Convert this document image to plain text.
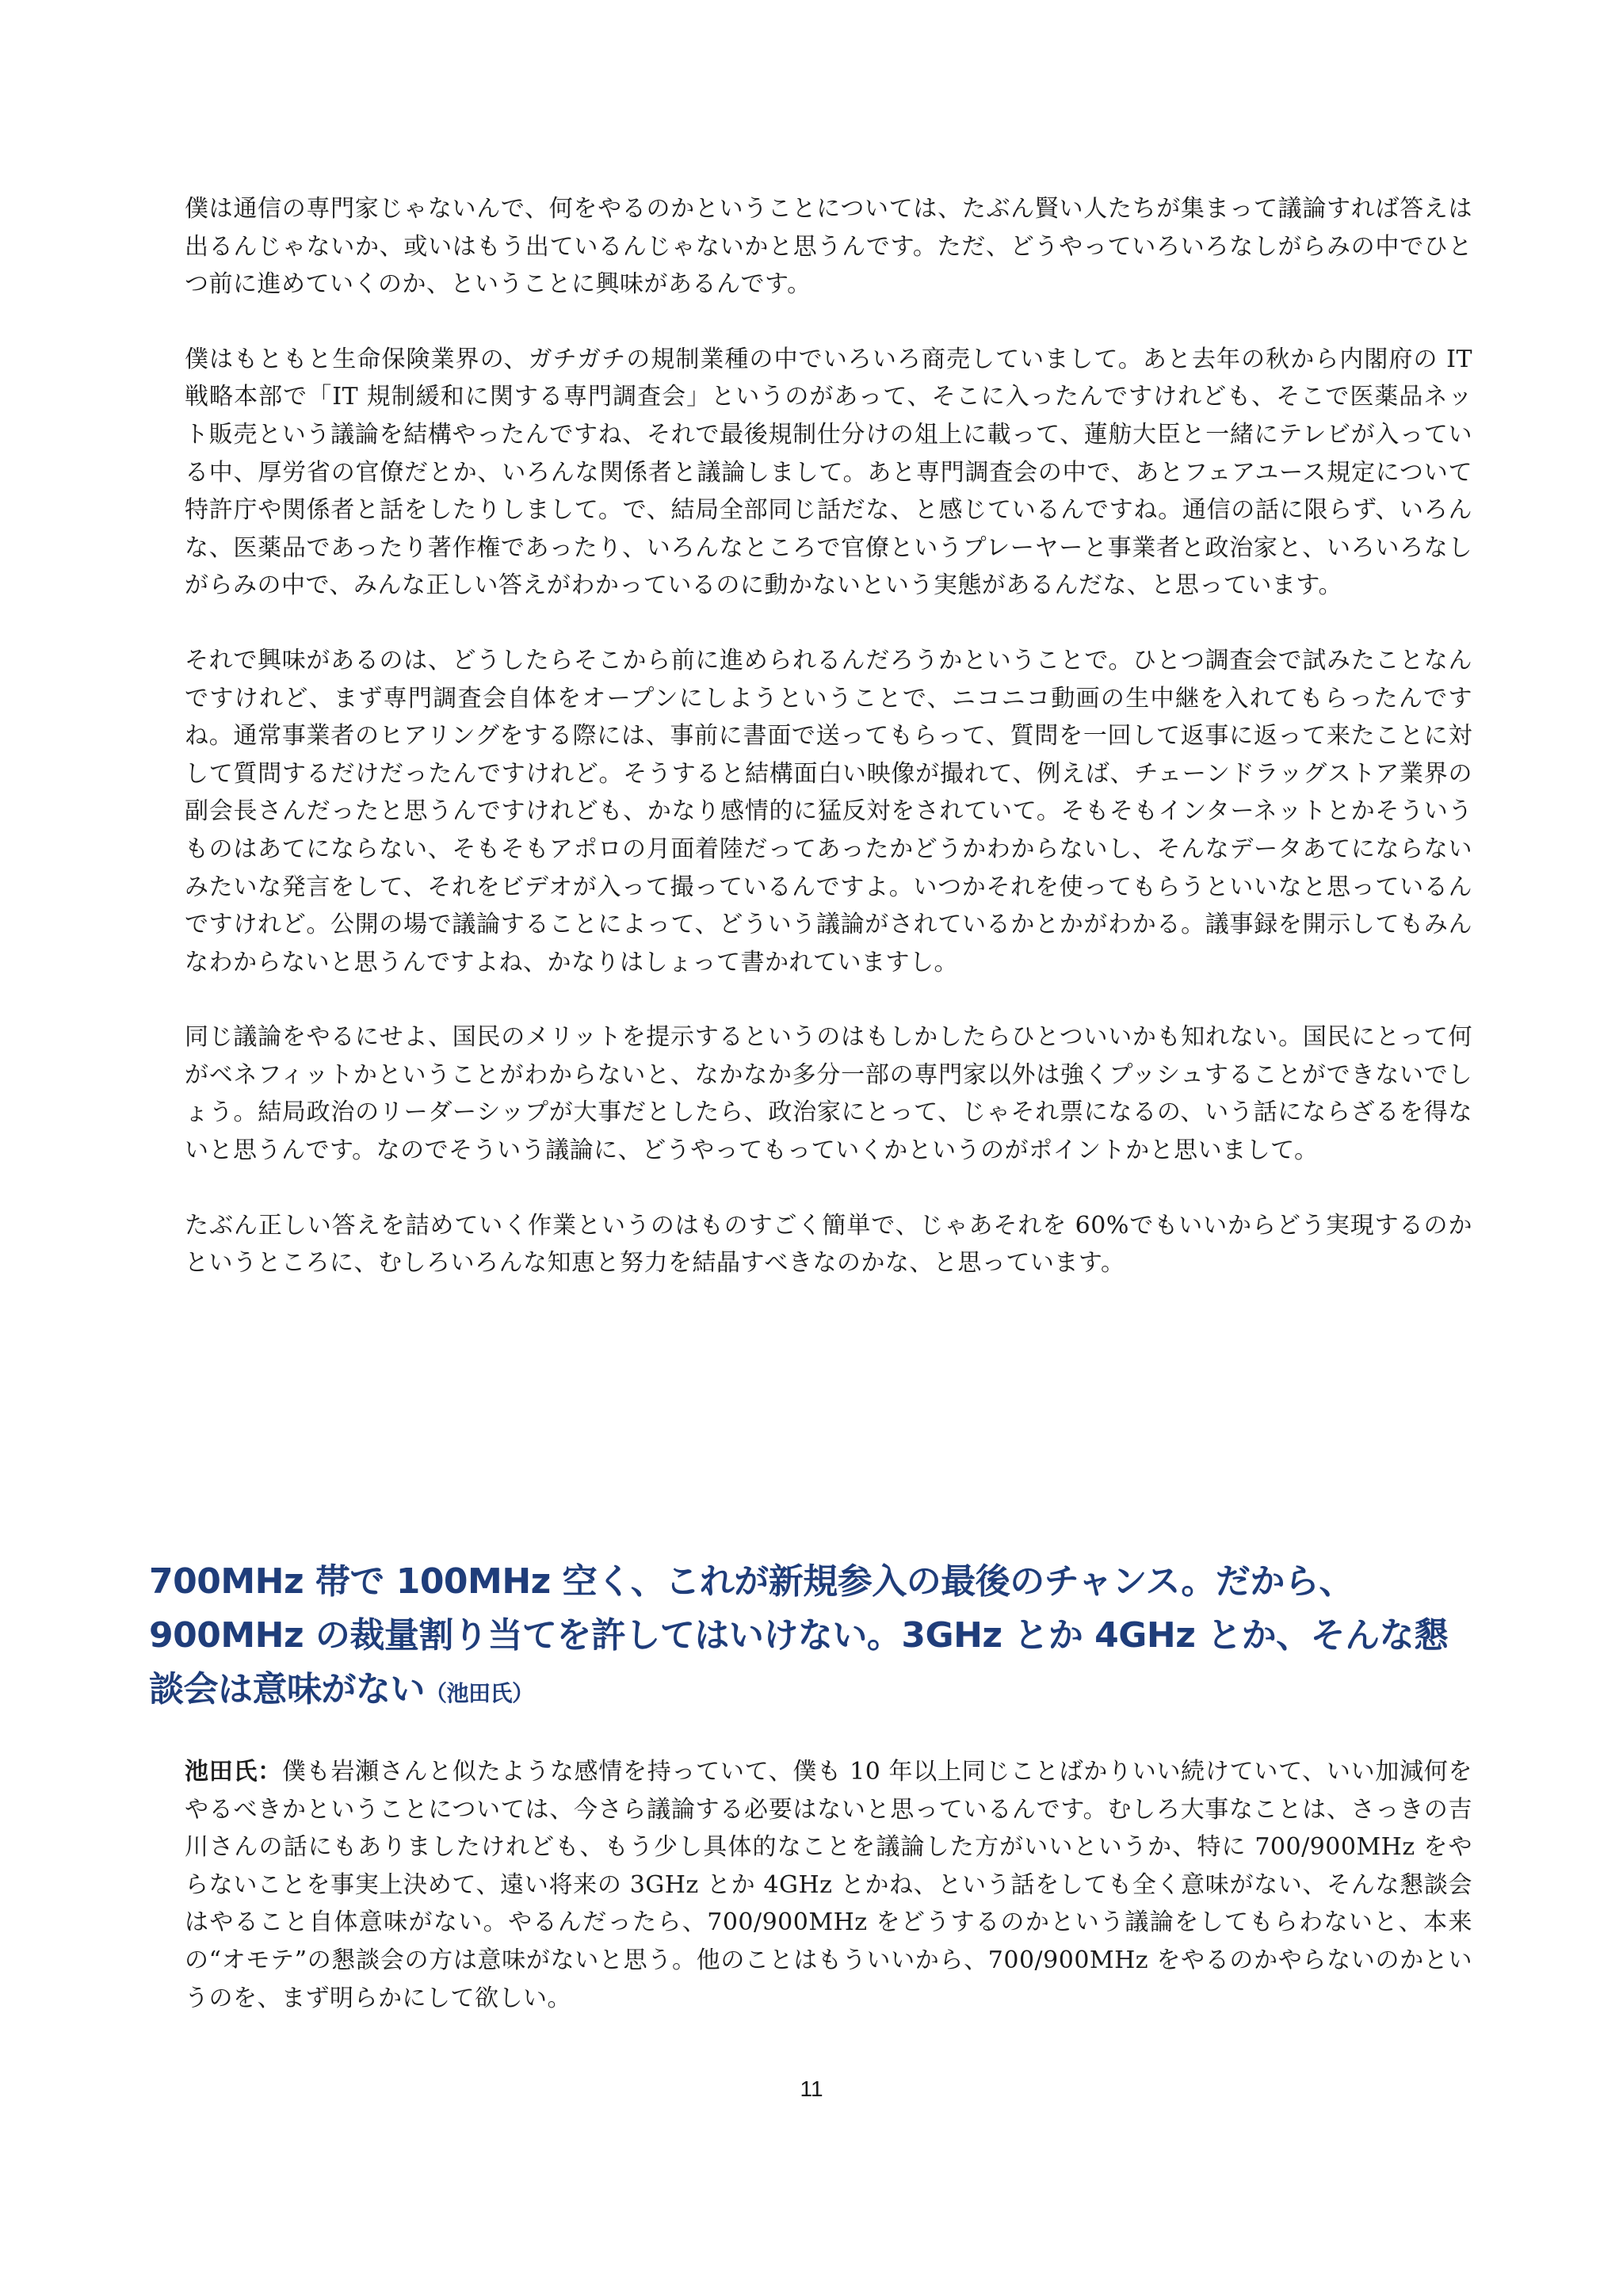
僕は通信の専門家じゃないんで、何をやるのかということについては、たぶん賢い人たちが集まって議論すれば答えは出るんじゃないか、或いはもう出ているんじゃないかと思うんです。ただ、どうやっていろいろなしがらみの中でひとつ前に進めていくのか、ということに興味があるんです。

僕はもともと生命保険業界の、ガチガチの規制業種の中でいろいろ商売していまして。あと去年の秋から内閣府の IT 戦略本部で「IT 規制緩和に関する専門調査会」というのがあって、そこに入ったんですけれども、そこで医薬品ネット販売という議論を結構やったんですね、それで最後規制仕分けの俎上に載って、蓮舫大臣と一緒にテレビが入っている中、厚労省の官僚だとか、いろんな関係者と議論しまして。あと専門調査会の中で、あとフェアユース規定について特許庁や関係者と話をしたりしまして。で、結局全部同じ話だな、と感じているんですね。通信の話に限らず、いろんな、医薬品であったり著作権であったり、いろんなところで官僚というプレーヤーと事業者と政治家と、いろいろなしがらみの中で、みんな正しい答えがわかっているのに動かないという実態があるんだな、と思っています。

それで興味があるのは、どうしたらそこから前に進められるんだろうかということで。ひとつ調査会で試みたことなんですけれど、まず専門調査会自体をオープンにしようということで、ニコニコ動画の生中継を入れてもらったんですね。通常事業者のヒアリングをする際には、事前に書面で送ってもらって、質問を一回して返事に返って来たことに対して質問するだけだったんですけれど。そうすると結構面白い映像が撮れて、例えば、チェーンドラッグストア業界の副会長さんだったと思うんですけれども、かなり感情的に猛反対をされていて。そもそもインターネットとかそういうものはあてにならない、そもそもアポロの月面着陸だってあったかどうかわからないし、そんなデータあてにならないみたいな発言をして、それをビデオが入って撮っているんですよ。いつかそれを使ってもらうといいなと思っているんですけれど。公開の場で議論することによって、どういう議論がされているかとかがわかる。議事録を開示してもみんなわからないと思うんですよね、かなりはしょって書かれていますし。

同じ議論をやるにせよ、国民のメリットを提示するというのはもしかしたらひとついいかも知れない。国民にとって何がベネフィットかということがわからないと、なかなか多分一部の専門家以外は強くプッシュすることができないでしょう。結局政治のリーダーシップが大事だとしたら、政治家にとって、じゃそれ票になるの、いう話にならざるを得ないと思うんです。なのでそういう議論に、どうやってもっていくかというのがポイントかと思いまして。

たぶん正しい答えを詰めていく作業というのはものすごく簡単で、じゃあそれを 60%でもいいからどう実現するのかというところに、むしろいろんな知恵と努力を結晶すべきなのかな、と思っています。

700MHz 帯で 100MHz 空く、これが新規参入の最後のチャンス。だから、900MHz の裁量割り当てを許してはいけない。3GHz とか 4GHz とか、そんな懇談会は意味がない（池田氏）

池田氏：僕も岩瀬さんと似たような感情を持っていて、僕も 10 年以上同じことばかりいい続けていて、いい加減何をやるべきかということについては、今さら議論する必要はないと思っているんです。むしろ大事なことは、さっきの吉川さんの話にもありましたけれども、もう少し具体的なことを議論した方がいいというか、特に 700/900MHz をやらないことを事実上決めて、遠い将来の 3GHz とか 4GHz とかね、という話をしても全く意味がない、そんな懇談会はやること自体意味がない。やるんだったら、700/900MHz をどうするのかという議論をしてもらわないと、本来の“オモテ”の懇談会の方は意味がないと思う。他のことはもういいから、700/900MHz をやるのかやらないのかというのを、まず明らかにして欲しい。

11
